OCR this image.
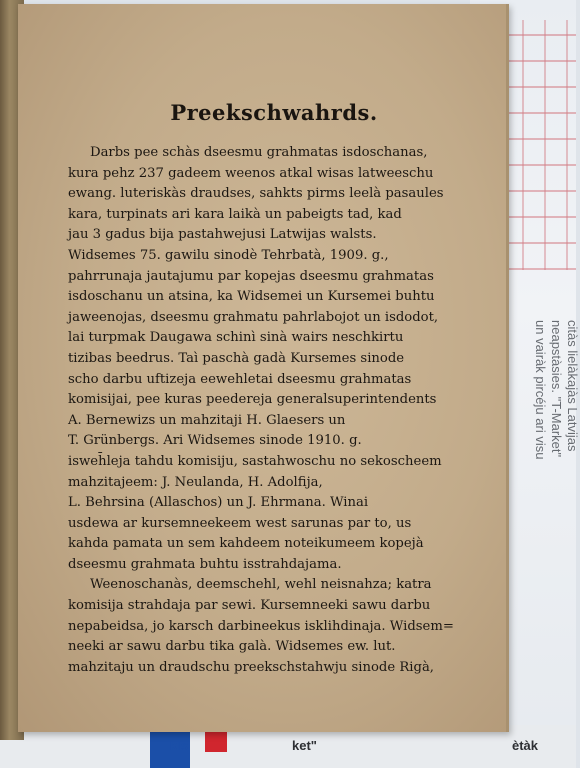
citàs lielàkajàs Latvijas
neapstàsies. "T-Market"
un vairàk pircéju ari visu
kls	ket"	ètàk
Preekschwahrds.

Darbs pee schàs dseesmu grahmatas isdoschanas,
kura pehz 237 gadeem weenos atkal wisas latweeschu
ewang. luteriskàs draudses, sahkts pirms leelà pasaules
kara, turpinats ari kara laikà un pabeigts tad, kad
jau 3 gadus bija pastahwejusi Latwijas walsts.
Widsemes 75. gawilu sinodè Tehrbatà, 1909. g.,
pahrrunaja jautajumu par kopejas dseesmu grahmatas
isdoschanu un atsina, ka Widsemei un Kursemei buhtu
jaweenojas, dseesmu grahmatu pahrlabojot un isdodot,
lai turpmak Daugawa schinì sinà wairs neschkirtu
tizibas beedrus. Taì paschà gadà Kursemes sinode
scho darbu uftizeja eewehletai dseesmu grahmatas
komisijai, pee kuras peedereja generalsuperintendents
A. Bernewizs un mahzitaji H. Glaesers un
T. Grünbergs. Ari Widsemes sinode 1910. g.
isweh̄leja tahdu komisiju, sastahwoschu no sekoscheem
mahzitajeem: J. Neulanda, H. Adolfija,
L. Behrsina (Allaschos) un J. Ehrmana. Winai
usdewa ar kursemneekeem west sarunas par to, us
kahda pamata un sem kahdeem noteikumeem kopejà
dseesmu grahmata buhtu isstrahdajama.

Weenoschanàs, deemschehl, wehl neisnahza; katra
komisija strahdaja par sewi. Kursemneeki sawu darbu
nepabeidsa, jo karsch darbineekus isklihdinaja. Widsem=
neeki ar sawu darbu tika galà. Widsemes ew. lut.
mahzitaju un draudschu preekschstahwju sinode Rigà,
